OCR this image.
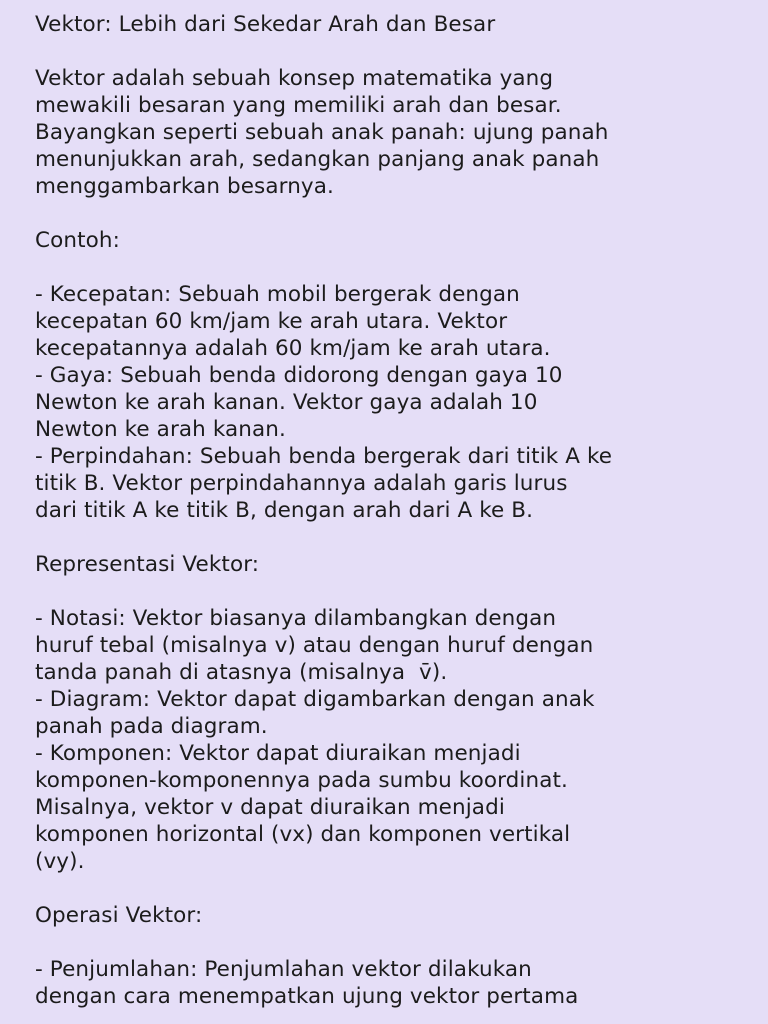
Vektor: Lebih dari Sekedar Arah dan Besar
Vektor adalah sebuah konsep matematika yang
mewakili besaran yang memiliki arah dan besar.
Bayangkan seperti sebuah anak panah: ujung panah
menunjukkan arah, sedangkan panjang anak panah
menggambarkan besarnya.
Contoh:
- Kecepatan: Sebuah mobil bergerak dengan
kecepatan 60 km/jam ke arah utara. Vektor
kecepatannya adalah 60 km/jam ke arah utara.
- Gaya: Sebuah benda didorong dengan gaya 10
Newton ke arah kanan. Vektor gaya adalah 10
Newton ke arah kanan.
- Perpindahan: Sebuah benda bergerak dari titik A ke
titik B. Vektor perpindahannya adalah garis lurus
dari titik A ke titik B, dengan arah dari A ke B.
Representasi Vektor:
- Notasi: Vektor biasanya dilambangkan dengan
huruf tebal (misalnya v) atau dengan huruf dengan
tanda panah di atasnya (misalnya  v̄).
- Diagram: Vektor dapat digambarkan dengan anak
panah pada diagram.
- Komponen: Vektor dapat diuraikan menjadi
komponen-komponennya pada sumbu koordinat.
Misalnya, vektor v dapat diuraikan menjadi
komponen horizontal (vx) dan komponen vertikal
(vy).
Operasi Vektor:
- Penjumlahan: Penjumlahan vektor dilakukan
dengan cara menempatkan ujung vektor pertama
